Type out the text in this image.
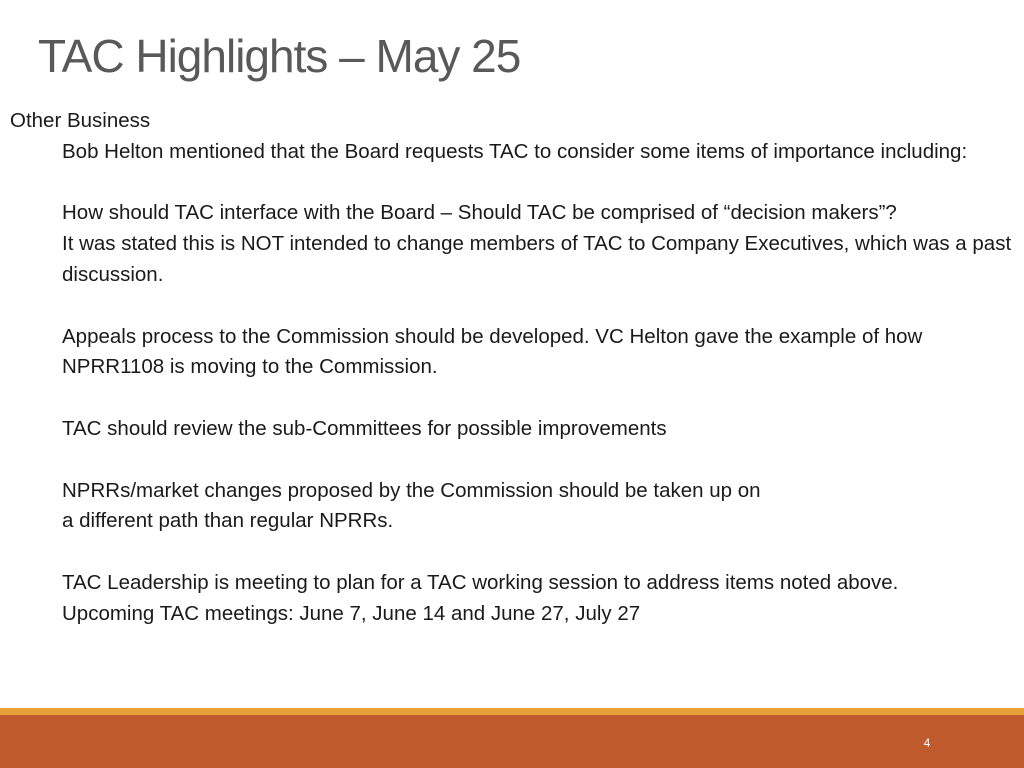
TAC Highlights – May 25

Other Business

Bob Helton mentioned that the Board requests TAC to consider some items of importance including:

How should TAC interface with the Board – Should TAC be comprised of “decision makers”?

It was stated this is NOT intended to change members of TAC to Company Executives, which was a past discussion.

Appeals process to the Commission should be developed. VC Helton gave the example of how NPRR1108 is moving to the Commission.

TAC should review the sub-Committees for possible improvements

NPRRs/market changes proposed by the Commission should be taken up on

a different path than regular NPRRs.

TAC Leadership is meeting to plan for a TAC working session to address items noted above.

Upcoming TAC meetings: June 7, June 14 and June 27, July 27

4
